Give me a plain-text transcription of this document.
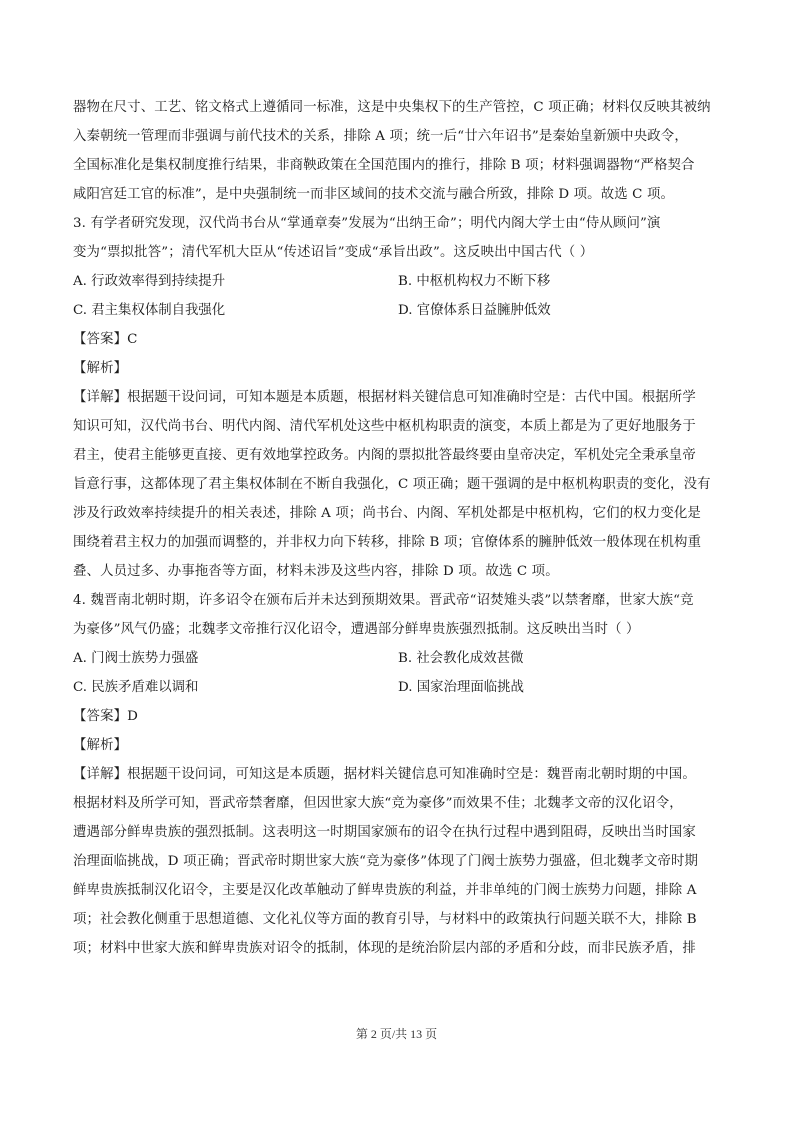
器物在尺寸、工艺、铭文格式上遵循同一标准，这是中央集权下的生产管控，C 项正确；材料仅反映其被纳
入秦朝统一管理而非强调与前代技术的关系，排除 A 项；统一后“廿六年诏书”是秦始皇新颁中央政令，
全国标准化是集权制度推行结果，非商鞅政策在全国范围内的推行，排除 B 项；材料强调器物“严格契合
咸阳宫廷工官的标准”，是中央强制统一而非区域间的技术交流与融合所致，排除 D 项。故选 C 项。
3. 有学者研究发现，汉代尚书台从“掌通章奏”发展为“出纳王命”；明代内阁大学士由“侍从顾问”演
变为“票拟批答”；清代军机大臣从“传述诏旨”变成“承旨出政”。这反映出中国古代（ ）
A. 行政效率得到持续提升	B. 中枢机构权力不断下移
C. 君主集权体制自我强化	D. 官僚体系日益臃肿低效
【答案】C
【解析】
【详解】根据题干设问词，可知本题是本质题，根据材料关键信息可知准确时空是：古代中国。根据所学
知识可知，汉代尚书台、明代内阁、清代军机处这些中枢机构职责的演变，本质上都是为了更好地服务于
君主，使君主能够更直接、更有效地掌控政务。内阁的票拟批答最终要由皇帝决定，军机处完全秉承皇帝
旨意行事，这都体现了君主集权体制在不断自我强化，C 项正确；题干强调的是中枢机构职责的变化，没有
涉及行政效率持续提升的相关表述，排除 A 项；尚书台、内阁、军机处都是中枢机构，它们的权力变化是
围绕着君主权力的加强而调整的，并非权力向下转移，排除 B 项；官僚体系的臃肿低效一般体现在机构重
叠、人员过多、办事拖沓等方面，材料未涉及这些内容，排除 D 项。故选 C 项。
4. 魏晋南北朝时期，许多诏令在颁布后并未达到预期效果。晋武帝“诏焚雉头裘”以禁奢靡，世家大族“竞
为豪侈”风气仍盛；北魏孝文帝推行汉化诏令，遭遇部分鲜卑贵族强烈抵制。这反映出当时（ ）
A. 门阀士族势力强盛	B. 社会教化成效甚微
C. 民族矛盾难以调和	D. 国家治理面临挑战
【答案】D
【解析】
【详解】根据题干设问词，可知这是本质题，据材料关键信息可知准确时空是：魏晋南北朝时期的中国。
根据材料及所学可知，晋武帝禁奢靡，但因世家大族“竞为豪侈”而效果不佳；北魏孝文帝的汉化诏令，
遭遇部分鲜卑贵族的强烈抵制。这表明这一时期国家颁布的诏令在执行过程中遇到阻碍，反映出当时国家
治理面临挑战，D 项正确；晋武帝时期世家大族“竞为豪侈”体现了门阀士族势力强盛，但北魏孝文帝时期
鲜卑贵族抵制汉化诏令，主要是汉化改革触动了鲜卑贵族的利益，并非单纯的门阀士族势力问题，排除 A
项；社会教化侧重于思想道德、文化礼仪等方面的教育引导，与材料中的政策执行问题关联不大，排除 B
项；材料中世家大族和鲜卑贵族对诏令的抵制，体现的是统治阶层内部的矛盾和分歧，而非民族矛盾，排
第 2 页/共 13 页
